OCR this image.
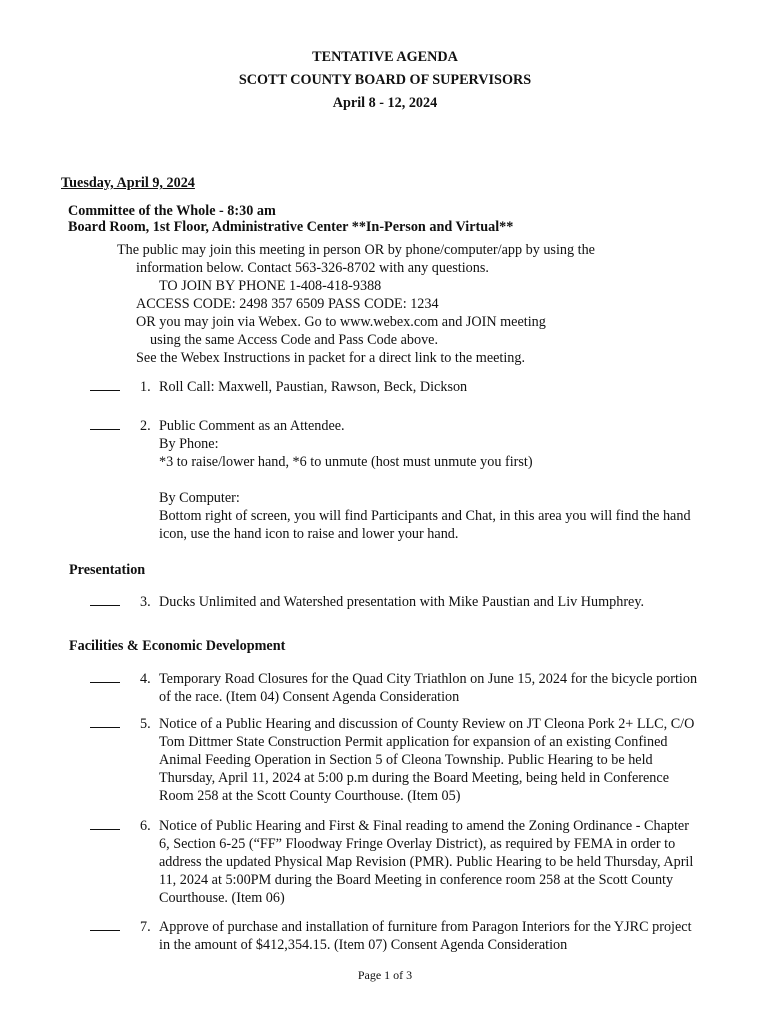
TENTATIVE AGENDA
SCOTT COUNTY BOARD OF SUPERVISORS
April 8 - 12, 2024
Tuesday, April 9, 2024
Committee of the Whole - 8:30 am
Board Room, 1st Floor, Administrative Center **In-Person and Virtual**
The public may join this meeting in person OR by phone/computer/app by using the
information below. Contact 563-326-8702 with any questions.
TO JOIN BY PHONE 1-408-418-9388
ACCESS CODE: 2498 357 6509 PASS CODE: 1234
OR you may join via Webex. Go to www.webex.com and JOIN meeting
using the same Access Code and Pass Code above.
See the Webex Instructions in packet for a direct link to the meeting.
1. Roll Call: Maxwell, Paustian, Rawson, Beck, Dickson
2. Public Comment as an Attendee.
By Phone:
*3 to raise/lower hand, *6 to unmute (host must unmute you first)
By Computer:
Bottom right of screen, you will find Participants and Chat, in this area you will find the hand
icon, use the hand icon to raise and lower your hand.
Presentation
3. Ducks Unlimited and Watershed presentation with Mike Paustian and Liv Humphrey.
Facilities & Economic Development
4. Temporary Road Closures for the Quad City Triathlon on June 15, 2024 for the bicycle portion
of the race. (Item 04) Consent Agenda Consideration
5. Notice of a Public Hearing and discussion of County Review on JT Cleona Pork 2+ LLC, C/O
Tom Dittmer State Construction Permit application for expansion of an existing Confined
Animal Feeding Operation in Section 5 of Cleona Township. Public Hearing to be held
Thursday, April 11, 2024 at 5:00 p.m during the Board Meeting, being held in Conference
Room 258 at the Scott County Courthouse. (Item 05)
6. Notice of Public Hearing and First & Final reading to amend the Zoning Ordinance - Chapter
6, Section 6-25 (“FF” Floodway Fringe Overlay District), as required by FEMA in order to
address the updated Physical Map Revision (PMR). Public Hearing to be held Thursday, April
11, 2024 at 5:00PM during the Board Meeting in conference room 258 at the Scott County
Courthouse. (Item 06)
7. Approve of purchase and installation of furniture from Paragon Interiors for the YJRC project
in the amount of $412,354.15. (Item 07) Consent Agenda Consideration
Page 1 of 3
